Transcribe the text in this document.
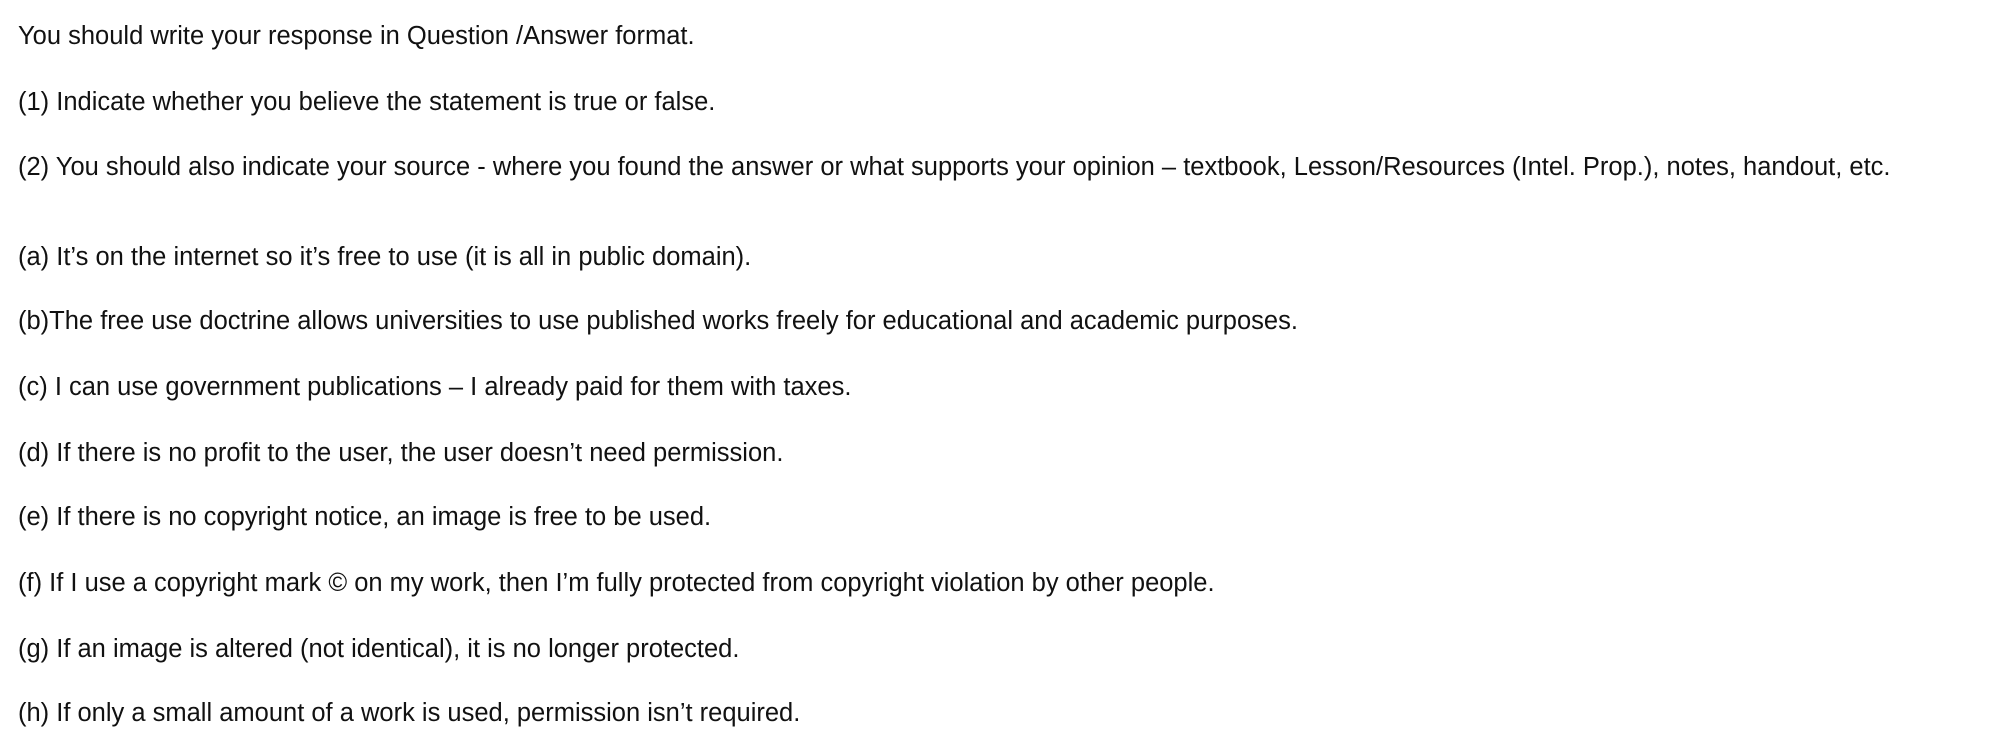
You should write your response in Question /Answer format.

(1) Indicate whether you believe the statement is true or false.

(2) You should also indicate your source - where you found the answer or what supports your opinion – textbook, Lesson/Resources (Intel. Prop.), notes, handout, etc.

(a) It’s on the internet so it’s free to use (it is all in public domain).

(b)The free use doctrine allows universities to use published works freely for educational and academic purposes.

(c) I can use government publications – I already paid for them with taxes.

(d) If there is no profit to the user, the user doesn’t need permission.

(e) If there is no copyright notice, an image is free to be used.

(f) If I use a copyright mark © on my work, then I’m fully protected from copyright violation by other people.

(g) If an image is altered (not identical), it is no longer protected.

(h) If only a small amount of a work is used, permission isn’t required.
